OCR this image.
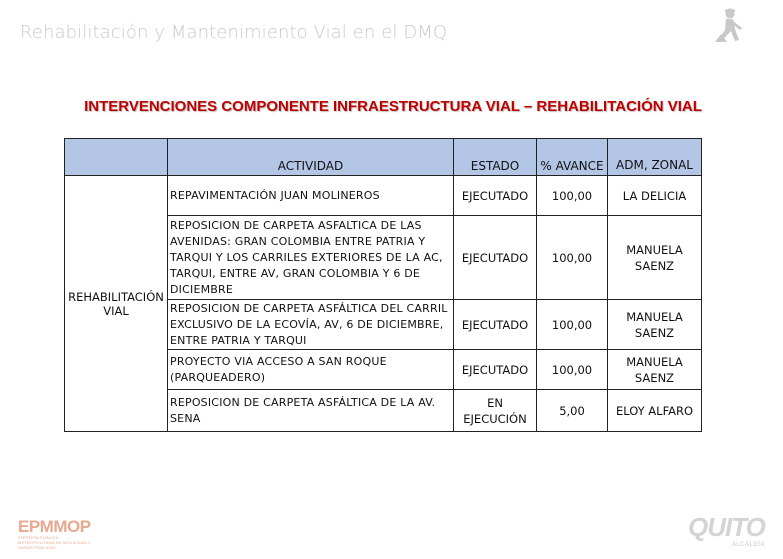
Rehabilitación y Mantenimiento Vial en el DMQ
INTERVENCIONES COMPONENTE INFRAESTRUCTURA VIAL – REHABILITACIÓN VIAL
	ACTIVIDAD	ESTADO	% AVANCE	ADM, ZONAL
REHABILITACIÓN VIAL	REPAVIMENTACIÓN JUAN MOLINEROS	EJECUTADO	100,00	LA DELICIA
	REPOSICION DE CARPETA ASFALTICA DE LAS AVENIDAS: GRAN COLOMBIA ENTRE PATRIA Y TARQUI Y LOS CARRILES EXTERIORES DE LA AC, TARQUI, ENTRE AV, GRAN COLOMBIA Y 6 DE DICIEMBRE	EJECUTADO	100,00	MANUELA SAENZ
	REPOSICION DE CARPETA ASFÁLTICA DEL CARRIL EXCLUSIVO DE LA ECOVÍA, AV, 6 DE DICIEMBRE, ENTRE PATRIA Y TARQUI	EJECUTADO	100,00	MANUELA SAENZ
	PROYECTO VIA ACCESO A SAN ROQUE (PARQUEADERO)	EJECUTADO	100,00	MANUELA SAENZ
	REPOSICION DE CARPETA ASFÁLTICA DE LA AV. SENA	EN EJECUCIÓN	5,00	ELOY ALFARO
EPMMOP
EMPRESA PÚBLICA METROPOLITANA DE MOVILIDAD Y OBRAS PÚBLICAS
QUITO
ALCALDÍA
